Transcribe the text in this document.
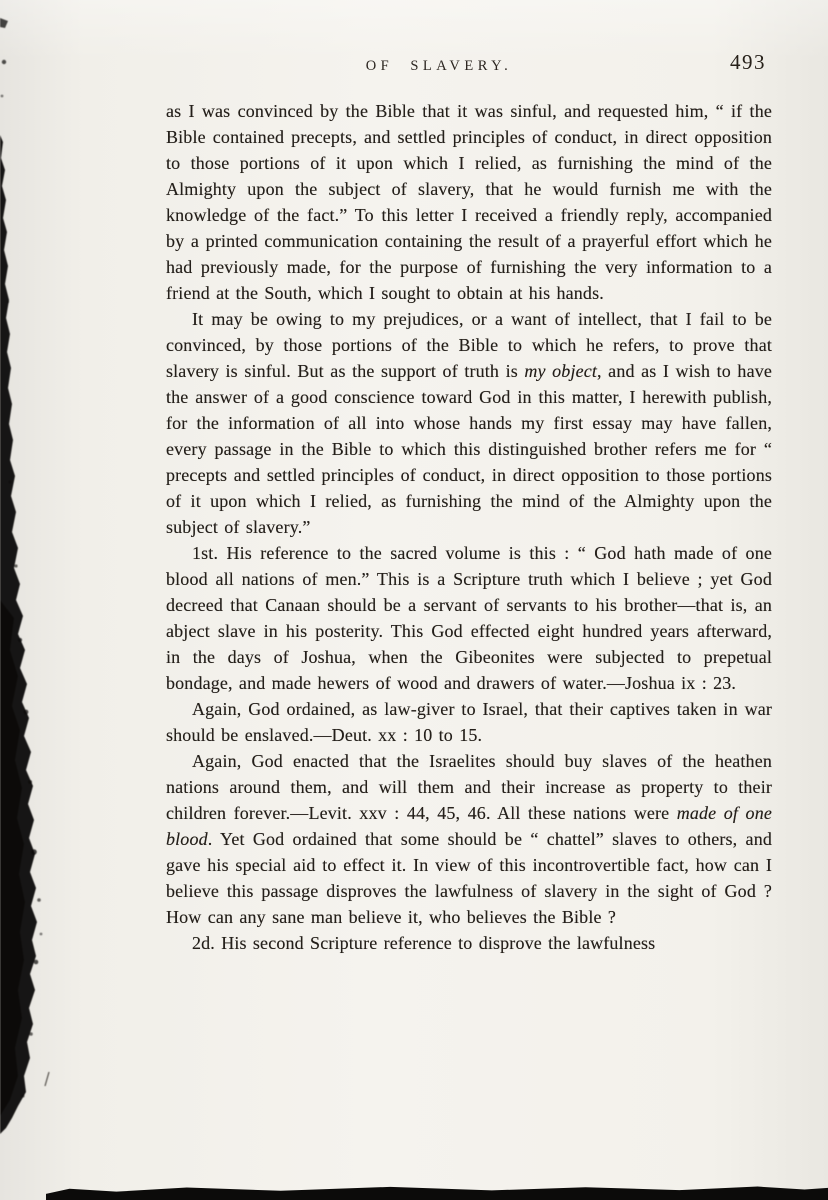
OF SLAVERY.	493

as I was convinced by the Bible that it was sinful, and requested him, “ if the Bible contained precepts, and settled principles of conduct, in direct opposition to those portions of it upon which I relied, as furnishing the mind of the Almighty upon the subject of slavery, that he would furnish me with the knowledge of the fact.” To this letter I received a friendly reply, accompanied by a printed communication containing the result of a prayerful effort which he had previously made, for the purpose of furnishing the very information to a friend at the South, which I sought to obtain at his hands.

It may be owing to my prejudices, or a want of intellect, that I fail to be convinced, by those portions of the Bible to which he refers, to prove that slavery is sinful. But as the support of truth is my object, and as I wish to have the answer of a good conscience toward God in this matter, I herewith publish, for the information of all into whose hands my first essay may have fallen, every passage in the Bible to which this distinguished brother refers me for “ precepts and settled principles of conduct, in direct opposition to those portions of it upon which I relied, as furnishing the mind of the Almighty upon the subject of slavery.”

1st. His reference to the sacred volume is this : “ God hath made of one blood all nations of men.” This is a Scripture truth which I believe ; yet God decreed that Canaan should be a servant of servants to his brother—that is, an abject slave in his posterity. This God effected eight hundred years afterward, in the days of Joshua, when the Gibeonites were subjected to prepetual bondage, and made hewers of wood and drawers of water.—Joshua ix : 23.

Again, God ordained, as law-giver to Israel, that their captives taken in war should be enslaved.—Deut. xx : 10 to 15.

Again, God enacted that the Israelites should buy slaves of the heathen nations around them, and will them and their increase as property to their children forever.—Levit. xxv : 44, 45, 46. All these nations were made of one blood. Yet God ordained that some should be “ chattel” slaves to others, and gave his special aid to effect it. In view of this incontrovertible fact, how can I believe this passage disproves the lawfulness of slavery in the sight of God ? How can any sane man believe it, who believes the Bible ?

2d. His second Scripture reference to disprove the lawfulness
